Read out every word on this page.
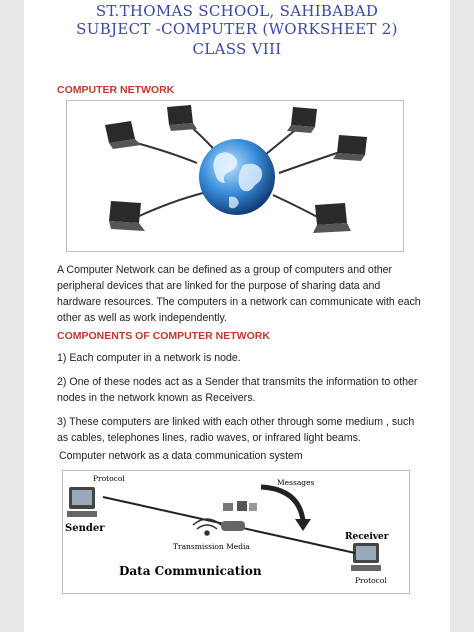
ST.THOMAS SCHOOL, SAHIBABAD
SUBJECT -COMPUTER (WORKSHEET 2)
CLASS VIII
COMPUTER NETWORK
A Computer Network can be defined as a group of computers and other peripheral devices that are linked for the purpose of sharing data and hardware resources. The computers in a network can communicate with each other as well as work independently.
COMPONENTS OF COMPUTER NETWORK
1) Each computer in a network is node.
2) One of these nodes act as a Sender that transmits the information to other nodes in the network known as Receivers.
3) These computers are linked with each other through some medium , such as cables, telephones lines, radio waves, or infrared light beams.
Computer network as a data communication system
Protocol
Sender
Messages
Transmission Media
Receiver
Protocol
Data Communication
